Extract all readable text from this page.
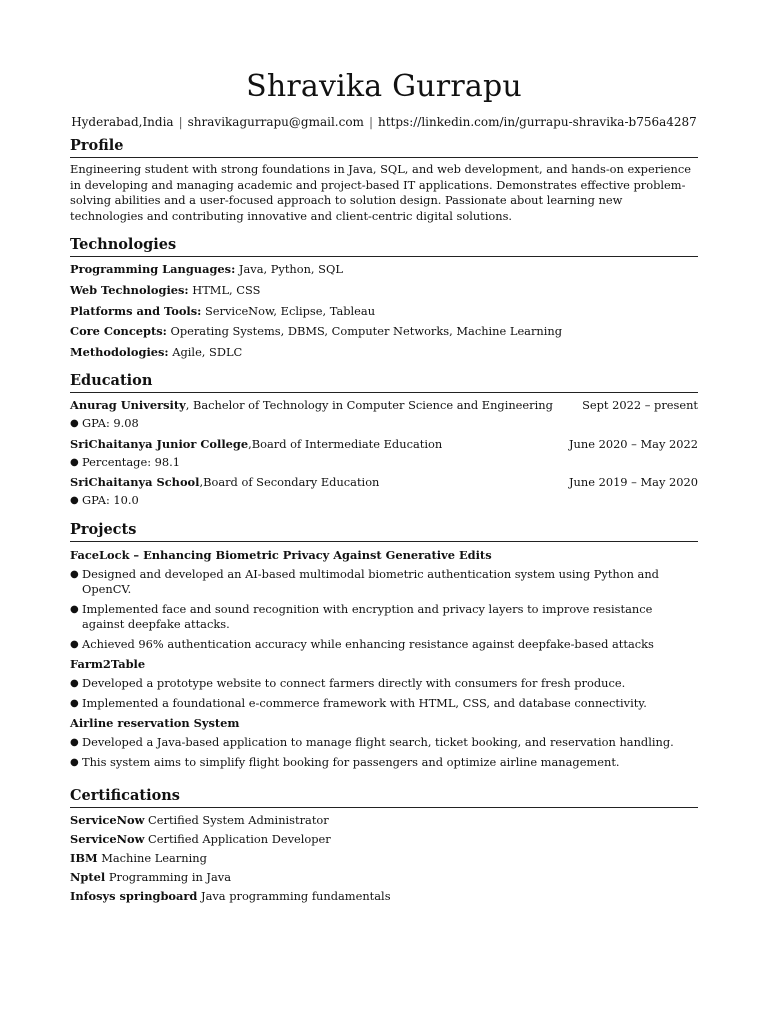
Shravika Gurrapu
Hyderabad,India | shravikagurrapu@gmail.com | https://linkedin.com/in/gurrapu-shravika-b756a4287
Profile
Engineering student with strong foundations in Java, SQL, and web development, and hands-on experience in developing and managing academic and project-based IT applications. Demonstrates effective problem-solving abilities and a user-focused approach to solution design. Passionate about learning new technologies and contributing innovative and client-centric digital solutions.
Technologies
Programming Languages: Java, Python, SQL
Web Technologies: HTML, CSS
Platforms and Tools: ServiceNow, Eclipse, Tableau
Core Concepts: Operating Systems, DBMS, Computer Networks, Machine Learning
Methodologies: Agile, SDLC
Education
Anurag University, Bachelor of Technology in Computer Science and Engineering	Sept 2022 – present
● GPA: 9.08
SriChaitanya Junior College,Board of Intermediate Education	June 2020 – May 2022
● Percentage: 98.1
SriChaitanya School,Board of Secondary Education	June 2019 – May 2020
● GPA: 10.0
Projects
FaceLock – Enhancing Biometric Privacy Against Generative Edits
● Designed and developed an AI-based multimodal biometric authentication system using Python and OpenCV.
● Implemented face and sound recognition with encryption and privacy layers to improve resistance against deepfake attacks.
● Achieved 96% authentication accuracy while enhancing resistance against deepfake-based attacks
Farm2Table
● Developed a prototype website to connect farmers directly with consumers for fresh produce.
● Implemented a foundational e-commerce framework with HTML, CSS, and database connectivity.
Airline reservation System
● Developed a Java-based application to manage flight search, ticket booking, and reservation handling.
● This system aims to simplify flight booking for passengers and optimize airline management.
Certifications
ServiceNow Certified System Administrator
ServiceNow Certified Application Developer
IBM Machine Learning
Nptel Programming in Java
Infosys springboard Java programming fundamentals
